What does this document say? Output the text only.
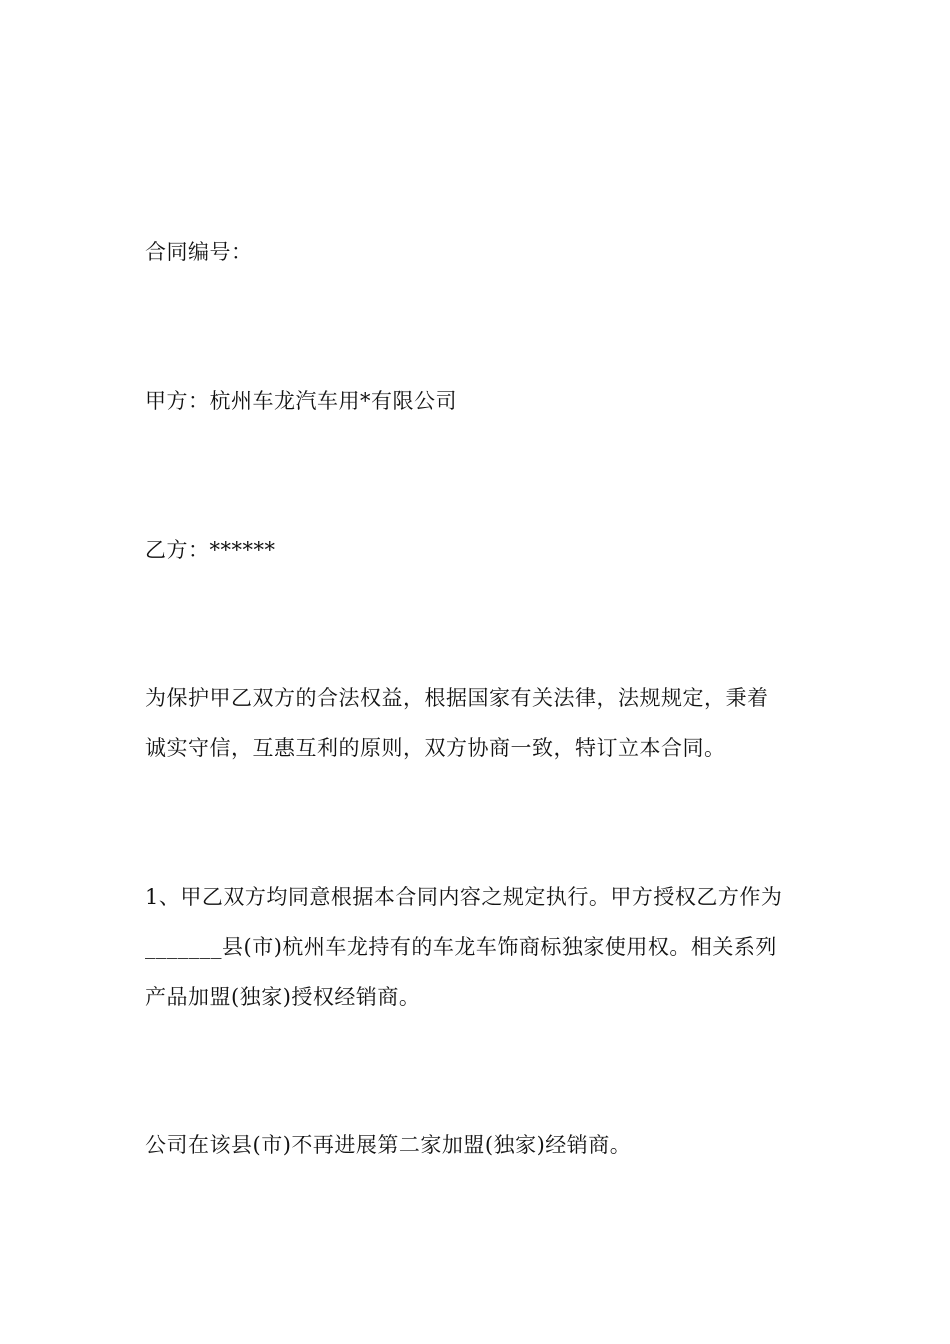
合同编号：
甲方：杭州车龙汽车用*有限公司
乙方：******
为保护甲乙双方的合法权益，根据国家有关法律，法规规定，秉着
诚实守信，互惠互利的原则，双方协商一致，特订立本合同。
1、甲乙双方均同意根据本合同内容之规定执行。甲方授权乙方作为
_______县(市)杭州车龙持有的车龙车饰商标独家使用权。相关系列
产品加盟(独家)授权经销商。
公司在该县(市)不再进展第二家加盟(独家)经销商。
